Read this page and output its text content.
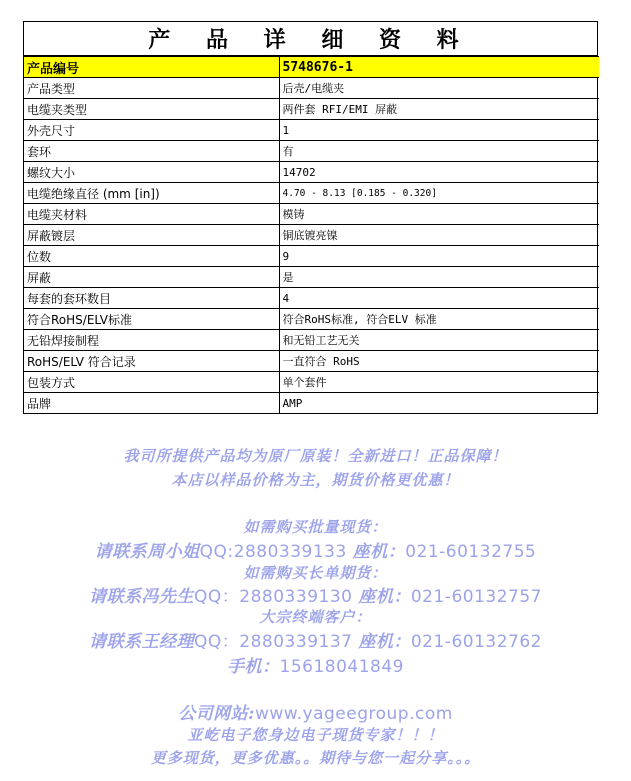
产 品 详 细 资 料
产品编号	5748676-1
产品类型	后壳/电缆夹
电缆夹类型	两件套 RFI/EMI 屏蔽
外壳尺寸	1
套环	有
螺纹大小	14702
电缆绝缘直径 (mm [in])	4.70 - 8.13 [0.185 - 0.320]
电缆夹材料	模铸
屏蔽镀层	铜底镀亮镍
位数	9
屏蔽	是
每套的套环数目	4
符合RoHS/ELV标准	符合RoHS标准, 符合ELV 标准
无铅焊接制程	和无铅工艺无关
RoHS/ELV 符合记录	一直符合 RoHS
包装方式	单个套件
品牌	AMP
我司所提供产品均为原厂原装！全新进口！正品保障！
本店以样品价格为主，期货价格更优惠！
如需购买批量现货：
请联系周小姐QQ:2880339133 座机：021-60132755
如需购买长单期货：
请联系冯先生QQ：2880339130 座机：021-60132757
大宗终端客户：
请联系王经理QQ：2880339137 座机：021-60132762
手机：15618041849
公司网站:www.yageegroup.com
亚屹电子您身边电子现货专家！！！
更多现货，更多优惠。。期待与您一起分享。。。
